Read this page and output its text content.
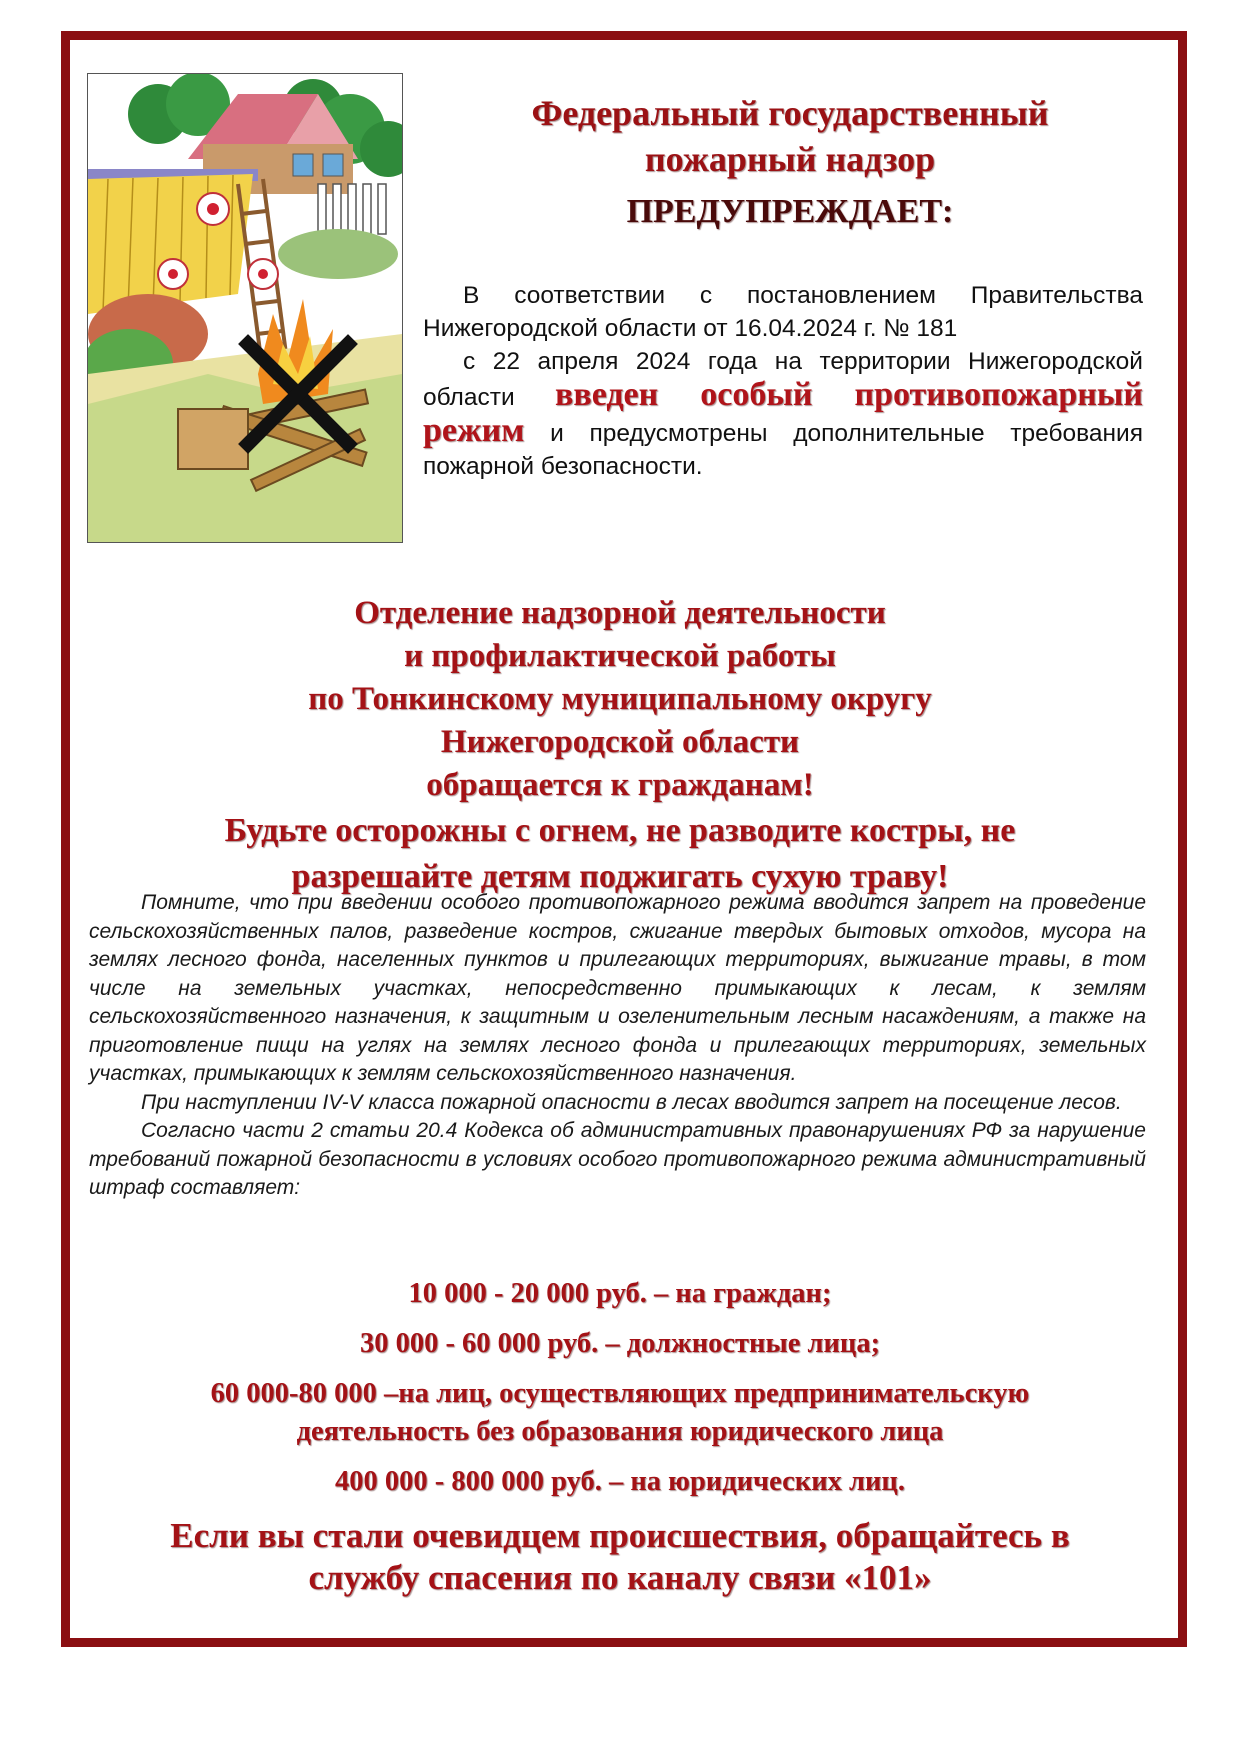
Федеральный государственный
пожарный надзор
ПРЕДУПРЕЖДАЕТ:

В соответствии с постановлением Правительства Нижегородской области от 16.04.2024 г. № 181

с 22 апреля 2024 года на территории Нижегородской области введен особый противопожарный режим и предусмотрены дополнительные требования пожарной безопасности.

Отделение надзорной деятельности
и профилактической работы
по Тонкинскому муниципальному округу
Нижегородской области
обращается к гражданам!
Будьте осторожны с огнем, не разводите костры, не
разрешайте детям поджигать сухую траву!

Помните, что при введении особого противопожарного режима вводится запрет на проведение сельскохозяйственных палов, разведение костров, сжигание твердых бытовых отходов, мусора на землях лесного фонда, населенных пунктов и прилегающих территориях, выжигание травы, в том числе на земельных участках, непосредственно примыкающих к лесам, к землям сельскохозяйственного назначения, к защитным и озеленительным лесным насаждениям, а также на приготовление пищи на углях на землях лесного фонда и прилегающих территориях, земельных участках, примыкающих к землям сельскохозяйственного назначения.

При наступлении IV-V класса пожарной опасности в лесах вводится запрет на посещение лесов.

Согласно части 2 статьи 20.4 Кодекса об административных правонарушениях РФ за нарушение требований пожарной безопасности в условиях особого противопожарного режима административный штраф составляет:

10 000 - 20 000 руб. – на граждан;
30 000 - 60 000 руб. – должностные лица;
60 000-80 000 –на лиц, осуществляющих предпринимательскую
деятельность без образования юридического лица
400 000 - 800 000 руб. – на юридических лиц.
Если вы стали очевидцем происшествия, обращайтесь в
службу спасения по каналу связи «101»
